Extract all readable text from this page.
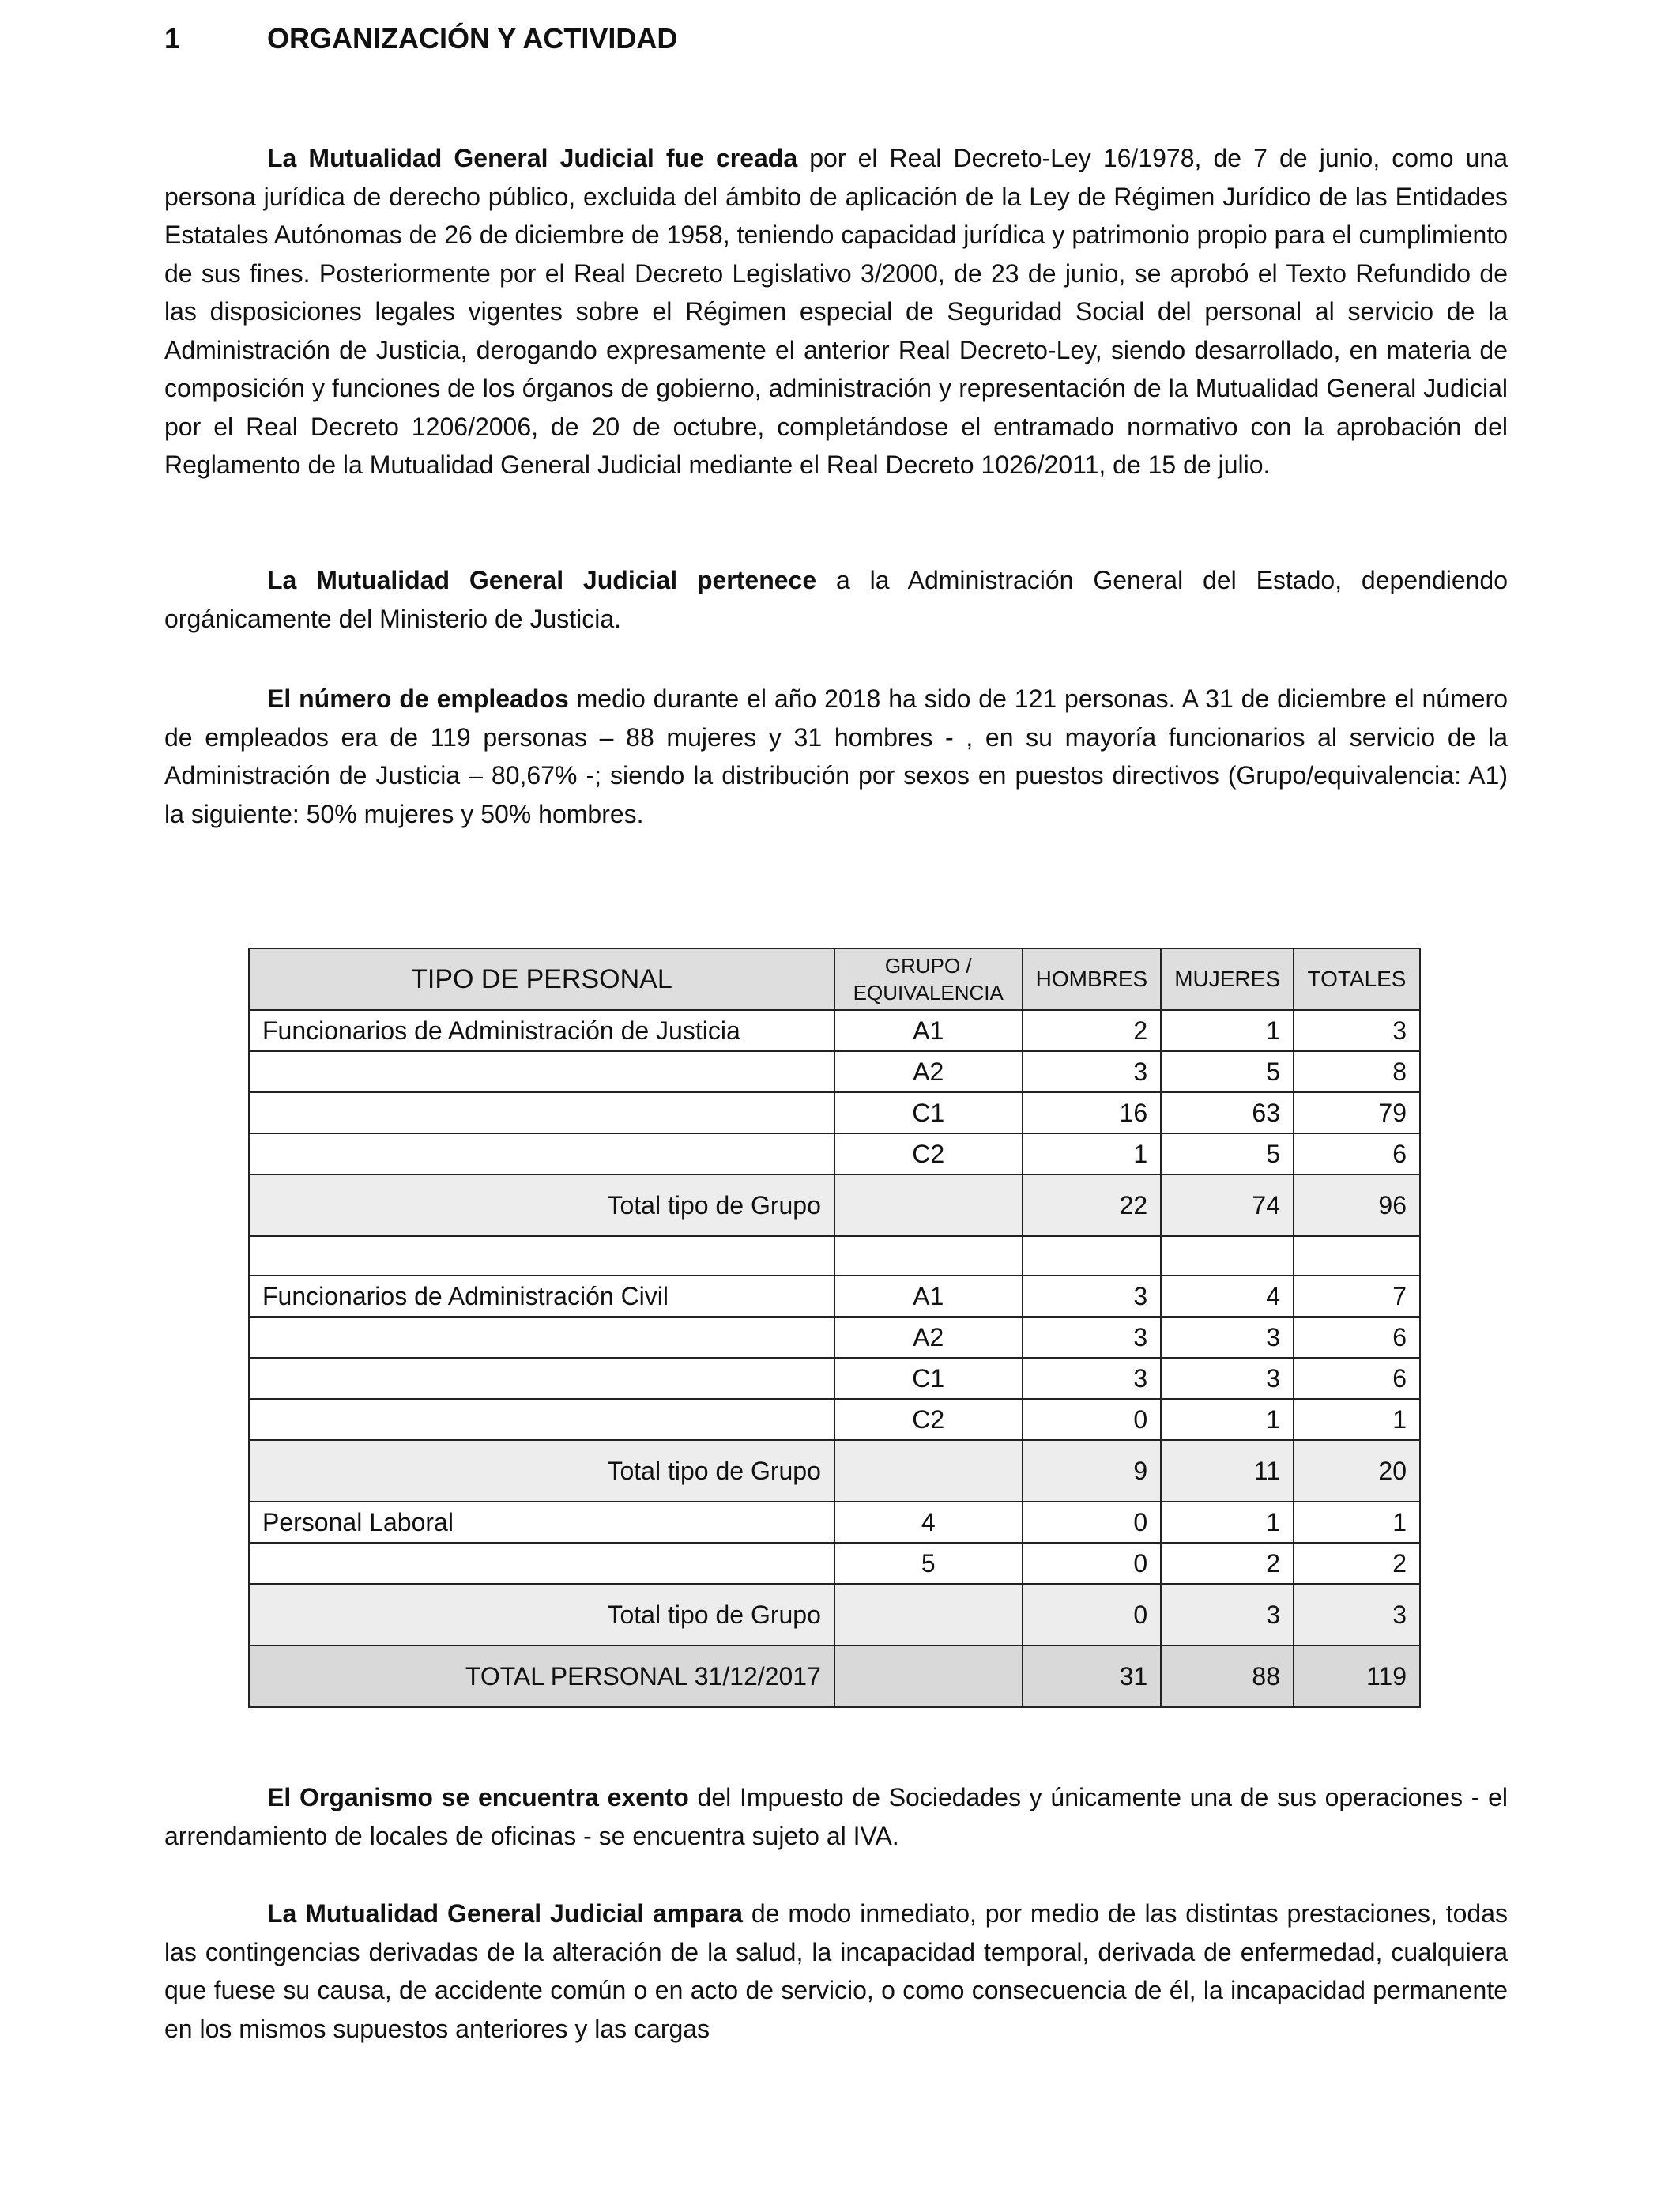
1	ORGANIZACIÓN Y ACTIVIDAD

La Mutualidad General Judicial fue creada por el Real Decreto-Ley 16/1978, de 7 de junio, como una persona jurídica de derecho público, excluida del ámbito de aplicación de la Ley de Régimen Jurídico de las Entidades Estatales Autónomas de 26 de diciembre de 1958, teniendo capacidad jurídica y patrimonio propio para el cumplimiento de sus fines. Posteriormente por el Real Decreto Legislativo 3/2000, de 23 de junio, se aprobó el Texto Refundido de las disposiciones legales vigentes sobre el Régimen especial de Seguridad Social del personal al servicio de la Administración de Justicia, derogando expresamente el anterior Real Decreto-Ley, siendo desarrollado, en materia de composición y funciones de los órganos de gobierno, administración y representación de la Mutualidad General Judicial por el Real Decreto 1206/2006, de 20 de octubre, completándose el entramado normativo con la aprobación del Reglamento de la Mutualidad General Judicial mediante el Real Decreto 1026/2011, de 15 de julio.

La Mutualidad General Judicial pertenece a la Administración General del Estado, dependiendo orgánicamente del Ministerio de Justicia.

El número de empleados medio durante el año 2018 ha sido de 121 personas. A 31 de diciembre el número de empleados era de 119 personas – 88 mujeres y 31 hombres - , en su mayoría funcionarios al servicio de la Administración de Justicia – 80,67% -; siendo la distribución por sexos en puestos directivos (Grupo/equivalencia: A1) la siguiente: 50% mujeres y 50% hombres.

TIPO DE PERSONAL	GRUPO / EQUIVALENCIA	HOMBRES	MUJERES	TOTALES
Funcionarios de Administración de Justicia	A1	2	1	3
	A2	3	5	8
	C1	16	63	79
	C2	1	5	6
Total tipo de Grupo		22	74	96

Funcionarios de Administración Civil	A1	3	4	7
	A2	3	3	6
	C1	3	3	6
	C2	0	1	1
Total tipo de Grupo		9	11	20
Personal Laboral	4	0	1	1
	5	0	2	2
Total tipo de Grupo		0	3	3
TOTAL PERSONAL 31/12/2017		31	88	119

El Organismo se encuentra exento del Impuesto de Sociedades y únicamente una de sus operaciones - el arrendamiento de locales de oficinas - se encuentra sujeto al IVA.

La Mutualidad General Judicial ampara de modo inmediato, por medio de las distintas prestaciones, todas las contingencias derivadas de la alteración de la salud, la incapacidad temporal, derivada de enfermedad, cualquiera que fuese su causa, de accidente común o en acto de servicio, o como consecuencia de él, la incapacidad permanente en los mismos supuestos anteriores y las cargas
